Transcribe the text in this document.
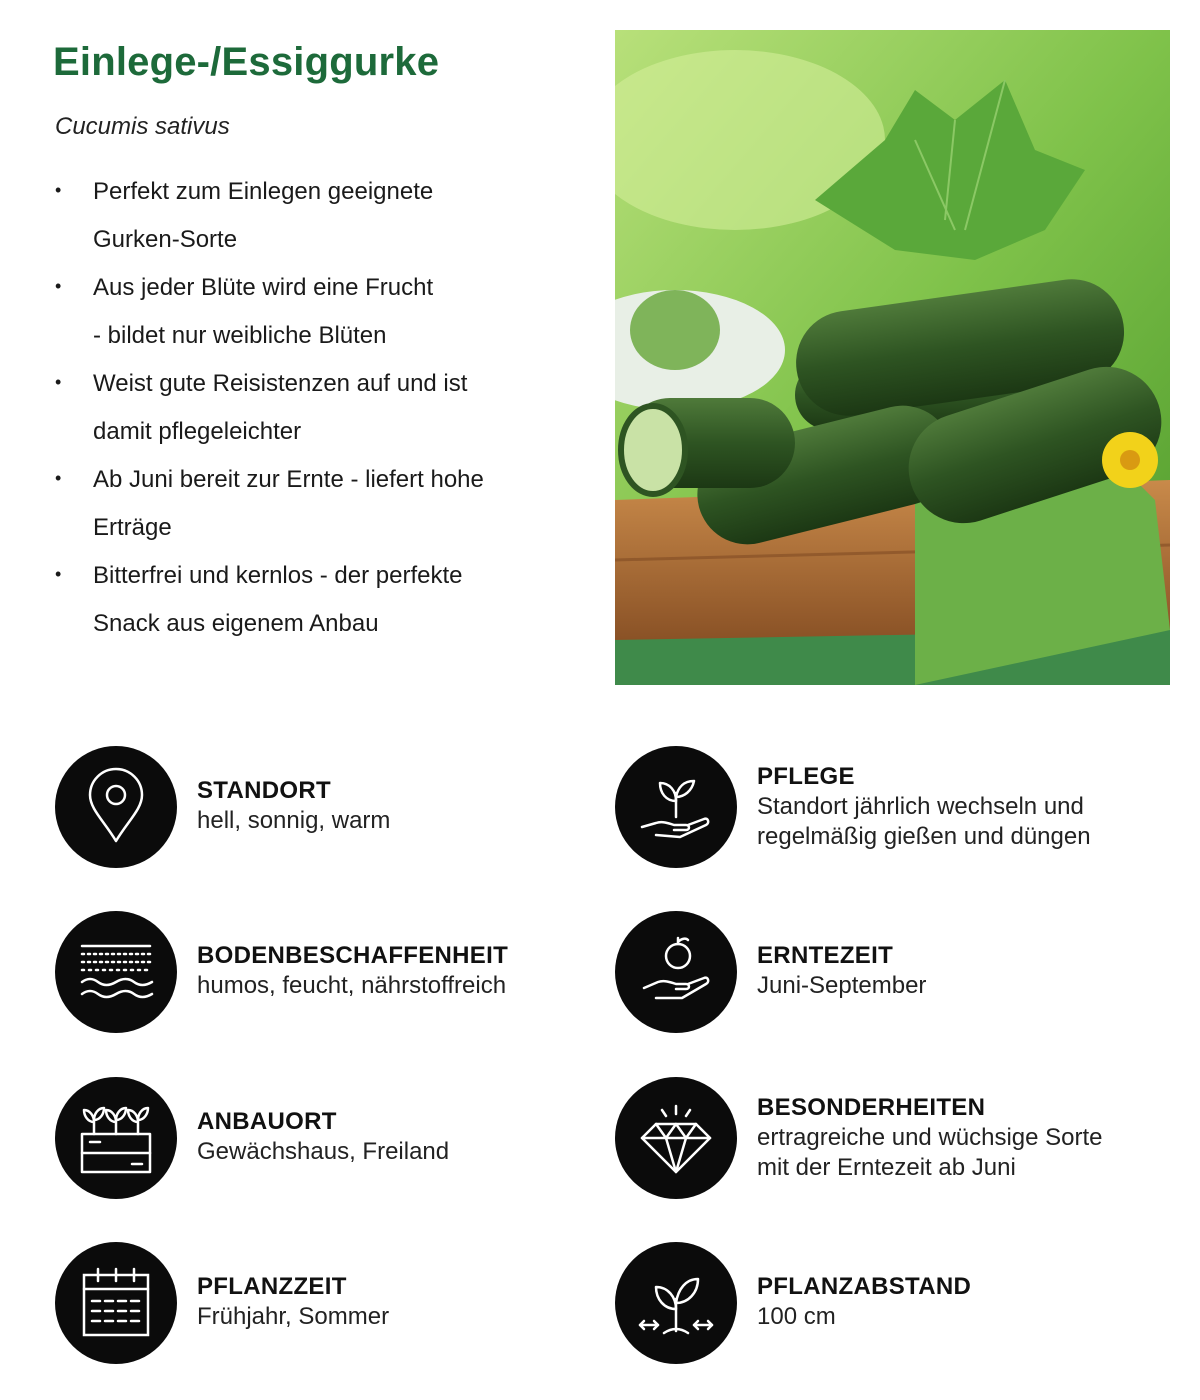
Einlege-/Essiggurke
Cucumis sativus
• Perfekt zum Einlegen geeignete
Gurken-Sorte
• Aus jeder Blüte wird eine Frucht
- bildet nur weibliche Blüten
• Weist gute Reisistenzen auf und ist
damit pflegeleichter
• Ab Juni bereit zur Ernte - liefert hohe
Erträge
• Bitterfrei und kernlos - der perfekte
Snack aus eigenem Anbau
STANDORT
hell, sonnig, warm
PFLEGE
Standort jährlich wechseln und
regelmäßig gießen und düngen
BODENBESCHAFFENHEIT
humos, feucht, nährstoffreich
ERNTEZEIT
Juni-September
ANBAUORT
Gewächshaus, Freiland
BESONDERHEITEN
ertragreiche und wüchsige Sorte
mit der Erntezeit ab Juni
PFLANZZEIT
Frühjahr, Sommer
PFLANZABSTAND
100 cm
